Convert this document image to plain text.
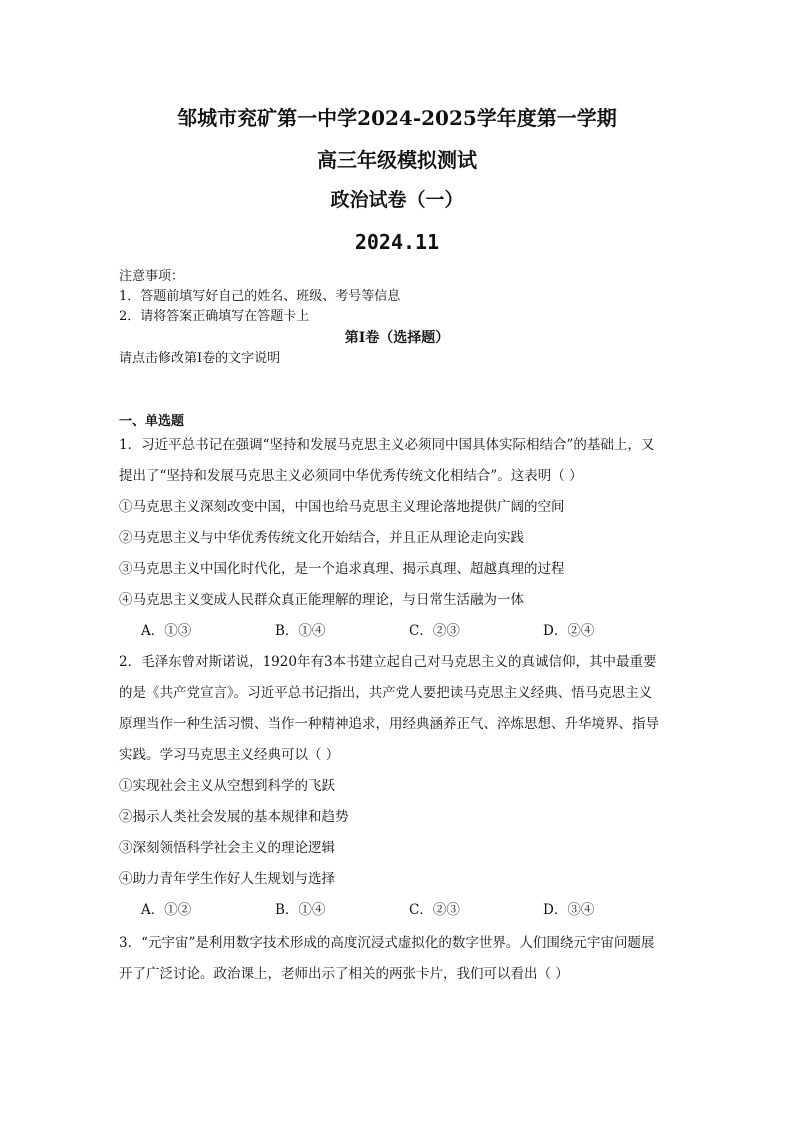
邹城市兖矿第一中学2024-2025学年度第一学期

高三年级模拟测试

政治试卷（一）

2024.11

注意事项：

1．答题前填写好自己的姓名、班级、考号等信息

2．请将答案正确填写在答题卡上

第I卷（选择题）

请点击修改第I卷的文字说明

一、单选题

1．习近平总书记在强调“坚持和发展马克思主义必须同中国具体实际相结合”的基础上，又

提出了“坚持和发展马克思主义必须同中华优秀传统文化相结合”。这表明（ ）

①马克思主义深刻改变中国，中国也给马克思主义理论落地提供广阔的空间

②马克思主义与中华优秀传统文化开始结合，并且正从理论走向实践

③马克思主义中国化时代化，是一个追求真理、揭示真理、超越真理的过程

④马克思主义变成人民群众真正能理解的理论，与日常生活融为一体

A．①③	B．①④	C．②③	D．②④

2．毛泽东曾对斯诺说，1920年有3本书建立起自己对马克思主义的真诚信仰，其中最重要

的是《共产党宣言》。习近平总书记指出，共产党人要把读马克思主义经典、悟马克思主义

原理当作一种生活习惯、当作一种精神追求，用经典涵养正气、淬炼思想、升华境界、指导

实践。学习马克思主义经典可以（ ）

①实现社会主义从空想到科学的飞跃

②揭示人类社会发展的基本规律和趋势

③深刻领悟科学社会主义的理论逻辑

④助力青年学生作好人生规划与选择

A．①②	B．①④	C．②③	D．③④

3．“元宇宙”是利用数字技术形成的高度沉浸式虚拟化的数字世界。人们围绕元宇宙问题展

开了广泛讨论。政治课上，老师出示了相关的两张卡片，我们可以看出（ ）
